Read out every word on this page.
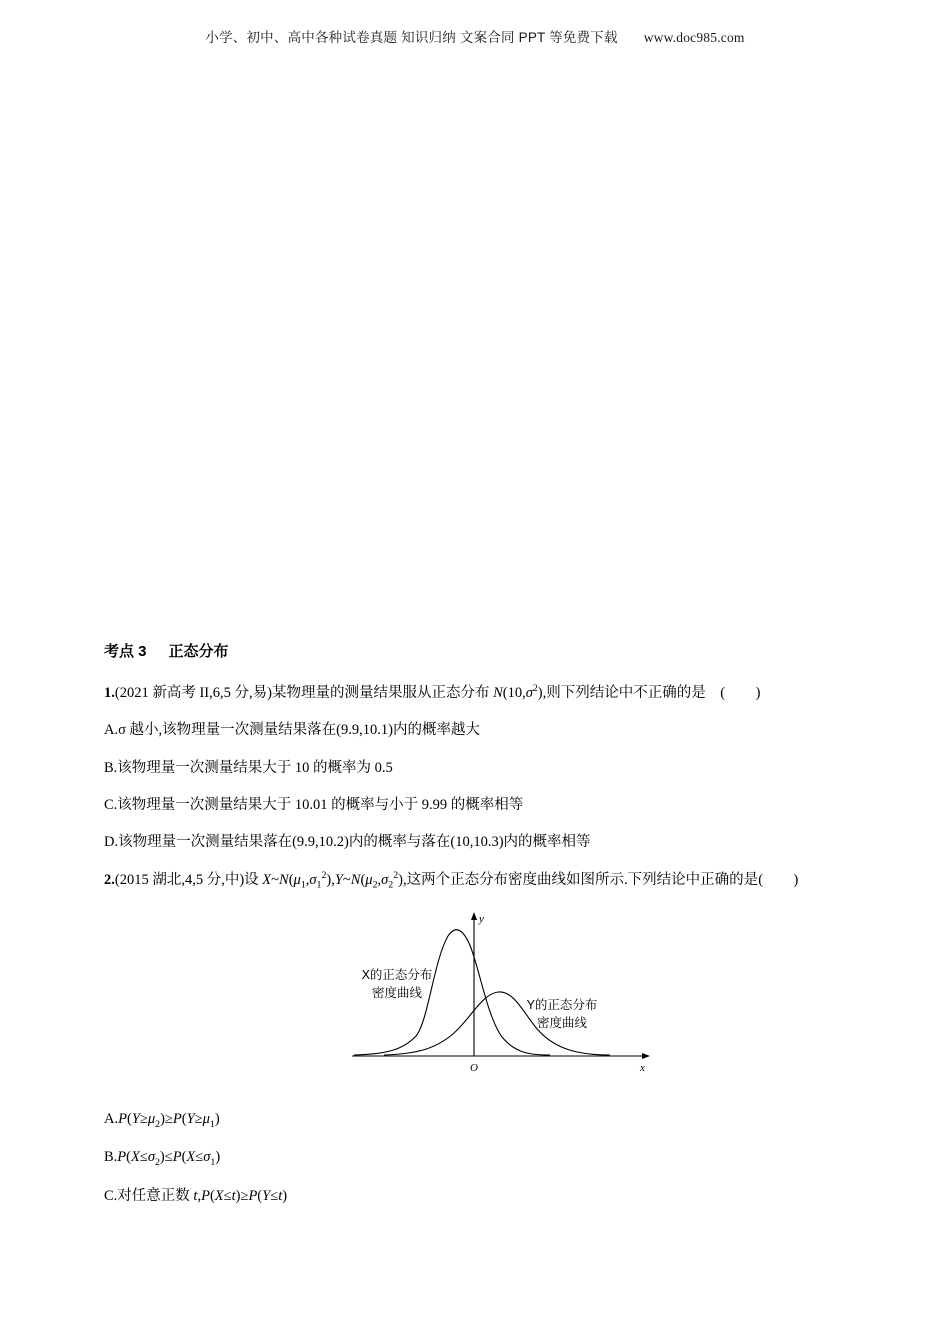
小学、初中、高中各种试卷真题 知识归纳 文案合同 PPT 等免费下载 www.doc985.com
考点 3 正态分布
1.(2021 新高考 II,6,5 分,易)某物理量的测量结果服从正态分布 $N(10,\sigma^2)$,则下列结论中不正确的是　 (　　)
A.σ 越小,该物理量一次测量结果落在(9.9,10.1)内的概率越大
B.该物理量一次测量结果大于 10 的概率为 0.5
C.该物理量一次测量结果大于 10.01 的概率与小于 9.99 的概率相等
D.该物理量一次测量结果落在(9.9,10.2)内的概率与落在(10,10.3)内的概率相等
2.(2015 湖北,4,5 分,中)设 $X\sim N(\mu_1,\sigma_1^2),Y\sim N(\mu_2,\sigma_2^2)$,这两个正态分布密度曲线如图所示.下列结论中正确的是(　　)
X的正态分布
密度曲线
Y的正态分布
密度曲线
y
x
O
$A.P(Y\ge\mu_2)\ge P(Y\ge\mu_1)$
$B.P(X\le\sigma_2)\le P(X\le\sigma_1)$
C.对任意正数 t,P(X≤t)≥P(Y≤t)
